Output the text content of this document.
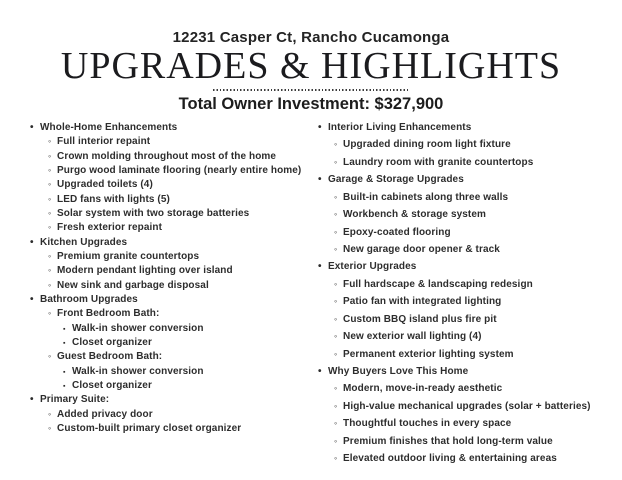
12231 Casper Ct, Rancho Cucamonga
UPGRADES & HIGHLIGHTS
Total Owner Investment: $327,900
• Whole-Home Enhancements
◦ Full interior repaint
◦ Crown molding throughout most of the home
◦ Purgo wood laminate flooring (nearly entire home)
◦ Upgraded toilets (4)
◦ LED fans with lights (5)
◦ Solar system with two storage batteries
◦ Fresh exterior repaint
• Kitchen Upgrades
◦ Premium granite countertops
◦ Modern pendant lighting over island
◦ New sink and garbage disposal
• Bathroom Upgrades
◦ Front Bedroom Bath:
▪ Walk-in shower conversion
▪ Closet organizer
◦ Guest Bedroom Bath:
▪ Walk-in shower conversion
▪ Closet organizer
• Primary Suite:
◦ Added privacy door
◦ Custom-built primary closet organizer
• Interior Living Enhancements
◦ Upgraded dining room light fixture
◦ Laundry room with granite countertops
• Garage & Storage Upgrades
◦ Built-in cabinets along three walls
◦ Workbench & storage system
◦ Epoxy-coated flooring
◦ New garage door opener & track
• Exterior Upgrades
◦ Full hardscape & landscaping redesign
◦ Patio fan with integrated lighting
◦ Custom BBQ island plus fire pit
◦ New exterior wall lighting (4)
◦ Permanent exterior lighting system
• Why Buyers Love This Home
◦ Modern, move-in-ready aesthetic
◦ High-value mechanical upgrades (solar + batteries)
◦ Thoughtful touches in every space
◦ Premium finishes that hold long-term value
◦ Elevated outdoor living & entertaining areas
